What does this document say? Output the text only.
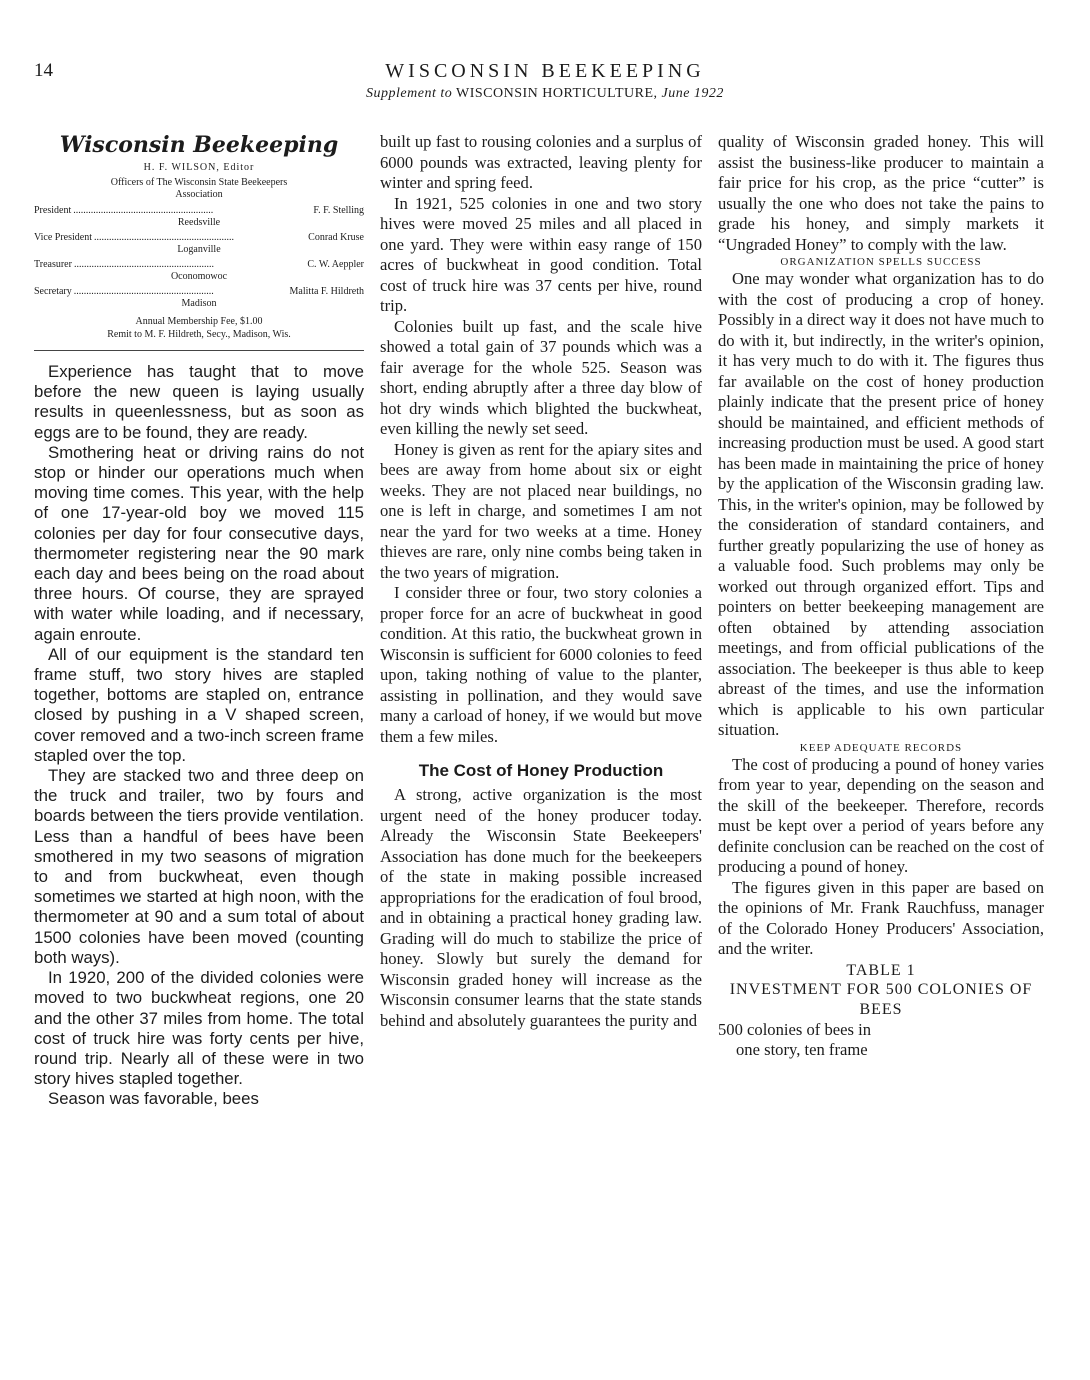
14	WISCONSIN BEEKEEPING
Supplement to WISCONSIN HORTICULTURE, June 1922
Wisconsin Beekeeping
H. F. WILSON, Editor
Officers of The Wisconsin State Beekeepers
Association
President ........................................................	F. F. Stelling
Reedsville
Vice President ........................................................	Conrad Kruse
Loganville
Treasurer ........................................................	C. W. Aeppler
Oconomowoc
Secretary ........................................................	Malitta F. Hildreth
Madison
Annual Membership Fee, $1.00
Remit to M. F. Hildreth, Secy., Madison, Wis.

Experience has taught that to move before the new queen is laying usually results in queenlessness, but as soon as eggs are to be found, they are ready.

Smothering heat or driving rains do not stop or hinder our operations much when moving time comes. This year, with the help of one 17-year-old boy we moved 115 colonies per day for four consecutive days, thermometer registering near the 90 mark each day and bees being on the road about three hours. Of course, they are sprayed with water while loading, and if necessary, again enroute.

All of our equipment is the standard ten frame stuff, two story hives are stapled together, bottoms are stapled on, entrance closed by pushing in a V shaped screen, cover removed and a two-inch screen frame stapled over the top.

They are stacked two and three deep on the truck and trailer, two by fours and boards between the tiers provide ventilation. Less than a handful of bees have been smothered in my two seasons of migration to and from buckwheat, even though sometimes we started at high noon, with the thermometer at 90 and a sum total of about 1500 colonies have been moved (counting both ways).

In 1920, 200 of the divided colonies were moved to two buckwheat regions, one 20 and the other 37 miles from home. The total cost of truck hire was forty cents per hive, round trip. Nearly all of these were in two story hives stapled together.

Season was favorable, bees

built up fast to rousing colonies and a surplus of 6000 pounds was extracted, leaving plenty for winter and spring feed.

In 1921, 525 colonies in one and two story hives were moved 25 miles and all placed in one yard. They were within easy range of 150 acres of buckwheat in good condition. Total cost of truck hire was 37 cents per hive, round trip.

Colonies built up fast, and the scale hive showed a total gain of 37 pounds which was a fair average for the whole 525. Season was short, ending abruptly after a three day blow of hot dry winds which blighted the buckwheat, even killing the newly set seed.

Honey is given as rent for the apiary sites and bees are away from home about six or eight weeks. They are not placed near buildings, no one is left in charge, and sometimes I am not near the yard for two weeks at a time. Honey thieves are rare, only nine combs being taken in the two years of migration.

I consider three or four, two story colonies a proper force for an acre of buckwheat in good condition. At this ratio, the buckwheat grown in Wisconsin is sufficient for 6000 colonies to feed upon, taking nothing of value to the planter, assisting in pollination, and they would save many a carload of honey, if we would but move them a few miles.

The Cost of Honey Production

A strong, active organization is the most urgent need of the honey producer today. Already the Wisconsin State Beekeepers' Association has done much for the beekeepers of the state in making possible increased appropriations for the eradication of foul brood, and in obtaining a practical honey grading law. Grading will do much to stabilize the price of honey. Slowly but surely the demand for Wisconsin graded honey will increase as the Wisconsin consumer learns that the state stands behind and absolutely guarantees the purity and

quality of Wisconsin graded honey. This will assist the business-like producer to maintain a fair price for his crop, as the price “cutter” is usually the one who does not take the pains to grade his honey, and simply markets it “Ungraded Honey” to comply with the law.

ORGANIZATION SPELLS SUCCESS

One may wonder what organization has to do with the cost of producing a crop of honey. Possibly in a direct way it does not have much to do with it, but indirectly, in the writer's opinion, it has very much to do with it. The figures thus far available on the cost of honey production plainly indicate that the present price of honey should be maintained, and efficient methods of increasing production must be used. A good start has been made in maintaining the price of honey by the application of the Wisconsin grading law. This, in the writer's opinion, may be followed by the consideration of standard containers, and further greatly popularizing the use of honey as a valuable food. Such problems may only be worked out through organized effort. Tips and pointers on better beekeeping management are often obtained by attending association meetings, and from official publications of the association. The beekeeper is thus able to keep abreast of the times, and use the information which is applicable to his own particular situation.

KEEP ADEQUATE RECORDS

The cost of producing a pound of honey varies from year to year, depending on the season and the skill of the beekeeper. Therefore, records must be kept over a period of years before any definite conclusion can be reached on the cost of producing a pound of honey.

The figures given in this paper are based on the opinions of Mr. Frank Rauchfuss, manager of the Colorado Honey Producers' Association, and the writer.

TABLE 1
INVESTMENT FOR 500 COLONIES OF BEES
500 colonies of bees in
one story, ten frame
